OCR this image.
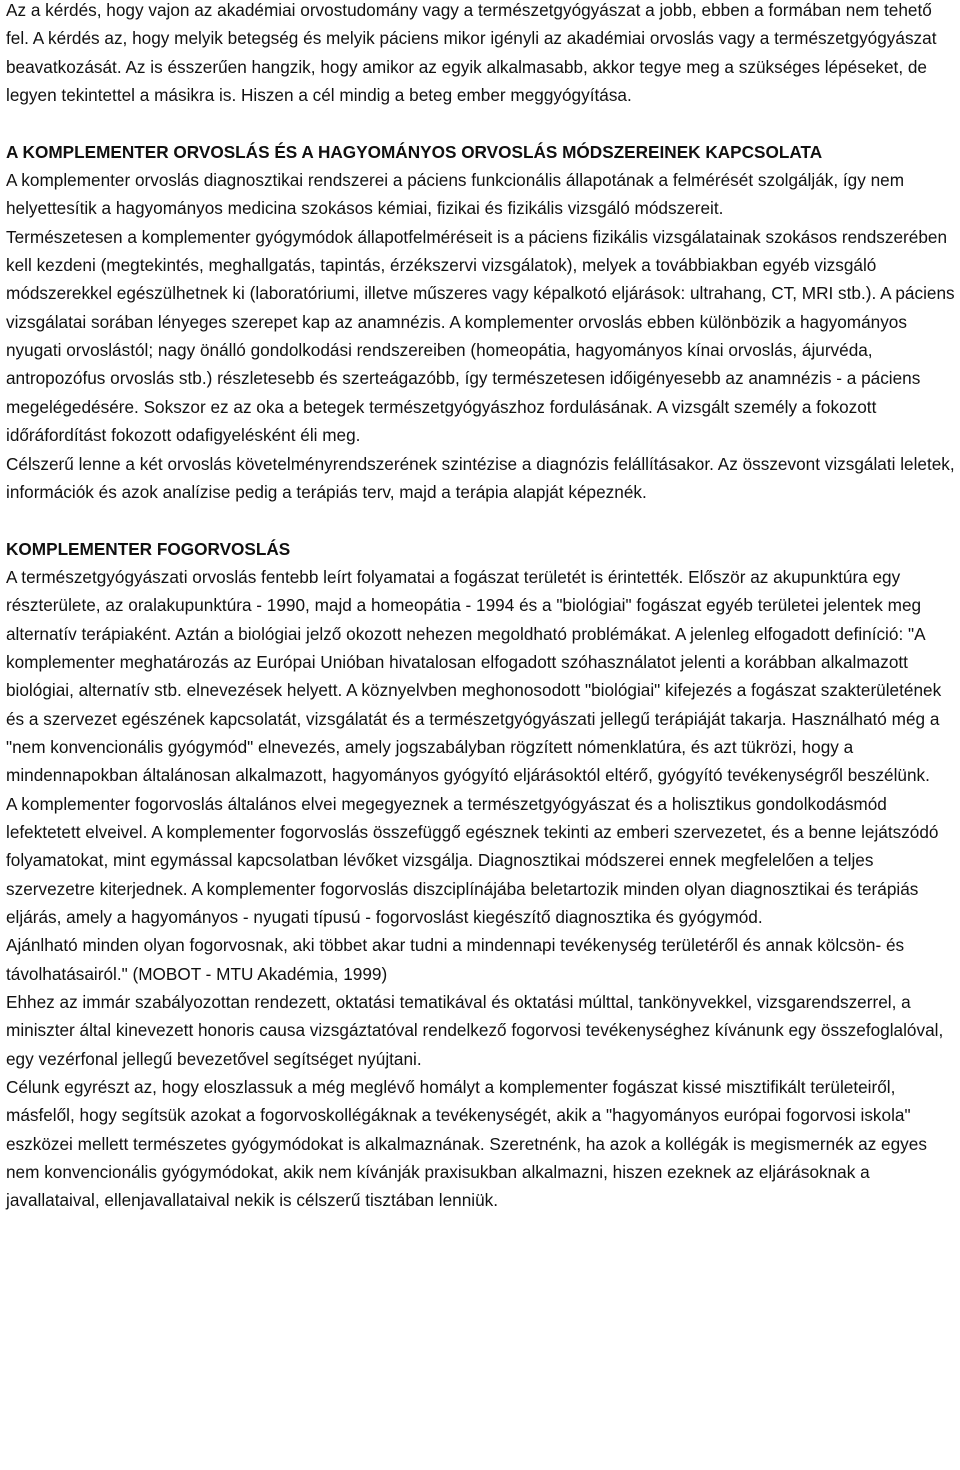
Az a kérdés, hogy vajon az akadémiai orvostudomány vagy a természetgyógyászat a jobb, ebben a formában nem tehető fel. A kérdés az, hogy melyik betegség és melyik páciens mikor igényli az akadémiai orvoslás vagy a természetgyógyászat beavatkozását. Az is ésszerűen hangzik, hogy amikor az egyik alkalmasabb, akkor tegye meg a szükséges lépéseket, de legyen tekintettel a másikra is. Hiszen a cél mindig a beteg ember meggyógyítása.

A KOMPLEMENTER ORVOSLÁS ÉS A HAGYOMÁNYOS ORVOSLÁS MÓDSZEREINEK KAPCSOLATA

A komplementer orvoslás diagnosztikai rendszerei a páciens funkcionális állapotának a felmérését szolgálják, így nem helyettesítik a hagyományos medicina szokásos kémiai, fizikai és fizikális vizsgáló módszereit.

Természetesen a komplementer gyógymódok állapotfelméréseit is a páciens fizikális vizsgálatainak szokásos rendszerében kell kezdeni (megtekintés, meghallgatás, tapintás, érzékszervi vizsgálatok), melyek a továbbiakban egyéb vizsgáló módszerekkel egészülhetnek ki (laboratóriumi, illetve műszeres vagy képalkotó eljárások: ultrahang, CT, MRI stb.). A páciens vizsgálatai sorában lényeges szerepet kap az anamnézis. A komplementer orvoslás ebben különbözik a hagyományos nyugati orvoslástól; nagy önálló gondolkodási rendszereiben (homeopátia, hagyományos kínai orvoslás, ájurvéda, antropozófus orvoslás stb.) részletesebb és szerteágazóbb, így természetesen időigényesebb az anamnézis - a páciens megelégedésére. Sokszor ez az oka a betegek természetgyógyászhoz fordulásának. A vizsgált személy a fokozott időráfordítást fokozott odafigyelésként éli meg.

Célszerű lenne a két orvoslás követelményrendszerének szintézise a diagnózis felállításakor. Az összevont vizsgálati leletek, információk és azok analízise pedig a terápiás terv, majd a terápia alapját képeznék.

KOMPLEMENTER FOGORVOSLÁS

A természetgyógyászati orvoslás fentebb leírt folyamatai a fogászat területét is érintették. Először az akupunktúra egy részterülete, az oralakupunktúra - 1990, majd a homeopátia - 1994 és a "biológiai" fogászat egyéb területei jelentek meg alternatív terápiaként. Aztán a biológiai jelző okozott nehezen megoldható problémákat. A jelenleg elfogadott definíció: "A komplementer meghatározás az Európai Unióban hivatalosan elfogadott szóhasználatot jelenti a korábban alkalmazott biológiai, alternatív stb. elnevezések helyett. A köznyelvben meghonosodott "biológiai" kifejezés a fogászat szakterületének és a szervezet egészének kapcsolatát, vizsgálatát és a természetgyógyászati jellegű terápiáját takarja. Használható még a "nem konvencionális gyógymód" elnevezés, amely jogszabályban rögzített nómenklatúra, és azt tükrözi, hogy a mindennapokban általánosan alkalmazott, hagyományos gyógyító eljárásoktól eltérő, gyógyító tevékenységről beszélünk.

A komplementer fogorvoslás általános elvei megegyeznek a természetgyógyászat és a holisztikus gondolkodásmód lefektetett elveivel. A komplementer fogorvoslás összefüggő egésznek tekinti az emberi szervezetet, és a benne lejátszódó folyamatokat, mint egymással kapcsolatban lévőket vizsgálja. Diagnosztikai módszerei ennek megfelelően a teljes szervezetre kiterjednek. A komplementer fogorvoslás diszciplínájába beletartozik minden olyan diagnosztikai és terápiás eljárás, amely a hagyományos - nyugati típusú - fogorvoslást kiegészítő diagnosztika és gyógymód.

Ajánlható minden olyan fogorvosnak, aki többet akar tudni a mindennapi tevékenység területéről és annak kölcsön- és távolhatásairól." (MOBOT - MTU Akadémia, 1999)

Ehhez az immár szabályozottan rendezett, oktatási tematikával és oktatási múlttal, tankönyvekkel, vizsgarendszerrel, a miniszter által kinevezett honoris causa vizsgáztatóval rendelkező fogorvosi tevékenységhez kívánunk egy összefoglalóval, egy vezérfonal jellegű bevezetővel segítséget nyújtani.

Célunk egyrészt az, hogy eloszlassuk a még meglévő homályt a komplementer fogászat kissé misztifikált területeiről, másfelől, hogy segítsük azokat a fogorvoskollégáknak a tevékenységét, akik a "hagyományos európai fogorvosi iskola" eszközei mellett természetes gyógymódokat is alkalmaznának. Szeretnénk, ha azok a kollégák is megismernék az egyes nem konvencionális gyógymódokat, akik nem kívánják praxisukban alkalmazni, hiszen ezeknek az eljárásoknak a javallataival, ellenjavallataival nekik is célszerű tisztában lenniük.
